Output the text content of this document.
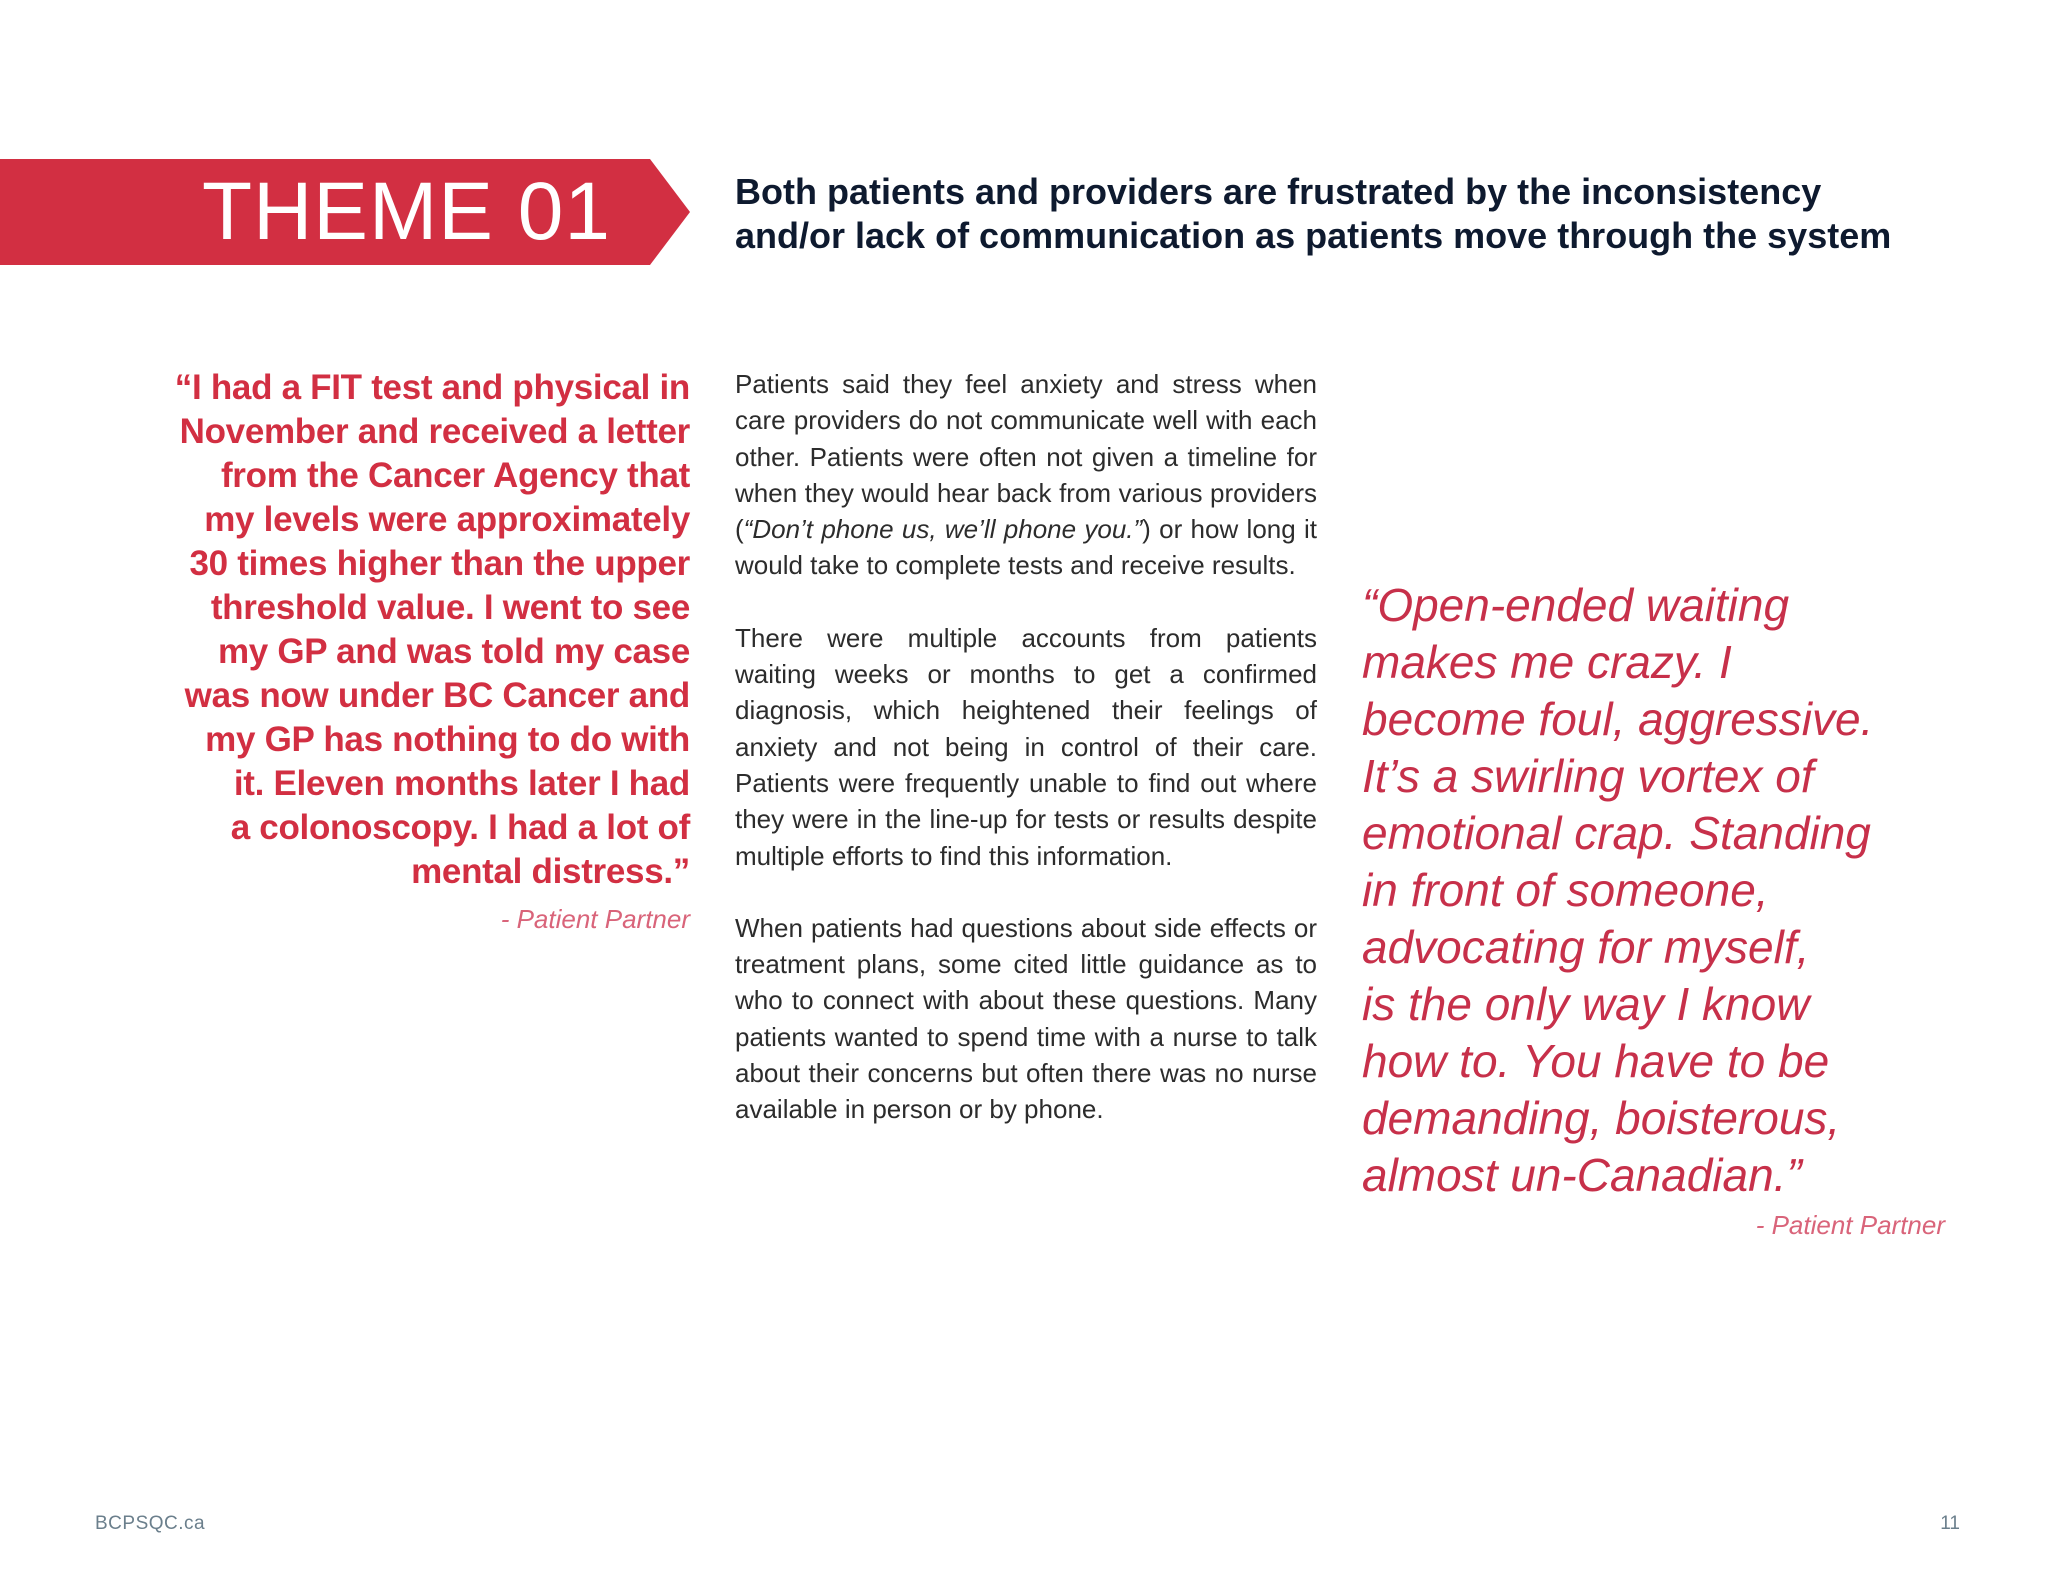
THEME 01	Both patients and providers are frustrated by the inconsistency
and/or lack of communication as patients move through the system
“I had a FIT test and physical in
November and received a letter
from the Cancer Agency that
my levels were approximately
30 times higher than the upper
threshold value. I went to see
my GP and was told my case
was now under BC Cancer and
my GP has nothing to do with
it. Eleven months later I had
a colonoscopy. I had a lot of
mental distress.”
- Patient Partner

Patients said they feel anxiety and stress when care providers do not communicate well with each other. Patients were often not given a timeline for when they would hear back from various providers (“Don’t phone us, we’ll phone you.”) or how long it would take to complete tests and receive results.

There were multiple accounts from patients waiting weeks or months to get a confirmed diagnosis, which heightened their feelings of anxiety and not being in control of their care. Patients were frequently unable to find out where they were in the line-up for tests or results despite multiple efforts to find this information.

When patients had questions about side effects or treatment plans, some cited little guidance as to who to connect with about these questions. Many patients wanted to spend time with a nurse to talk about their concerns but often there was no nurse available in person or by phone.

“Open-ended waiting
makes me crazy. I
become foul, aggressive.
It’s a swirling vortex of
emotional crap. Standing
in front of someone,
advocating for myself,
is the only way I know
how to. You have to be
demanding, boisterous,
almost un-Canadian.”
- Patient Partner
BCPSQC.ca	11
